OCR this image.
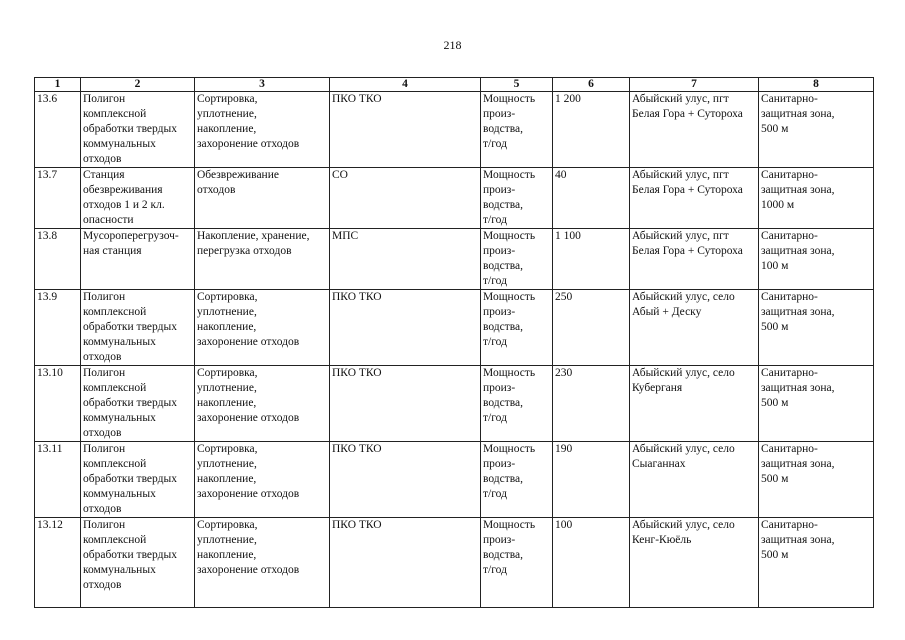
218
1	2	3	4	5	6	7	8
13.6	Полигон
комплексной
обработки твердых
коммунальных
отходов	Сортировка,
уплотнение,
накопление,
захоронение отходов	ПКО ТКО	Мощность
произ-
водства,
т/год	1 200	Абыйский улус, пгт
Белая Гора + Сутороха	Санитарно-
защитная зона,
500 м

13.7	Станция
обезвреживания
отходов 1 и 2 кл.
опасности	Обезвреживание
отходов	СО	Мощность
произ-
водства,
т/год	40	Абыйский улус, пгт
Белая Гора + Сутороха	Санитарно-
защитная зона,
1000 м

13.8	Мусороперегрузоч-
ная станция	Накопление, хранение,
перегрузка отходов	МПС	Мощность
произ-
водства,
т/год	1 100	Абыйский улус, пгт
Белая Гора + Сутороха	Санитарно-
защитная зона,
100 м

13.9	Полигон
комплексной
обработки твердых
коммунальных
отходов	Сортировка,
уплотнение,
накопление,
захоронение отходов	ПКО ТКО	Мощность
произ-
водства,
т/год	250	Абыйский улус, село
Абый + Деску	Санитарно-
защитная зона,
500 м

13.10	Полигон
комплексной
обработки твердых
коммунальных
отходов	Сортировка,
уплотнение,
накопление,
захоронение отходов	ПКО ТКО	Мощность
произ-
водства,
т/год	230	Абыйский улус, село
Куберганя	Санитарно-
защитная зона,
500 м

13.11	Полигон
комплексной
обработки твердых
коммунальных
отходов	Сортировка,
уплотнение,
накопление,
захоронение отходов	ПКО ТКО	Мощность
произ-
водства,
т/год	190	Абыйский улус, село
Сыаганнах	Санитарно-
защитная зона,
500 м

13.12	Полигон
комплексной
обработки твердых
коммунальных
отходов	Сортировка,
уплотнение,
накопление,
захоронение отходов	ПКО ТКО	Мощность
произ-
водства,
т/год	100	Абыйский улус, село
Кенг-Кюёль	Санитарно-
защитная зона,
500 м
